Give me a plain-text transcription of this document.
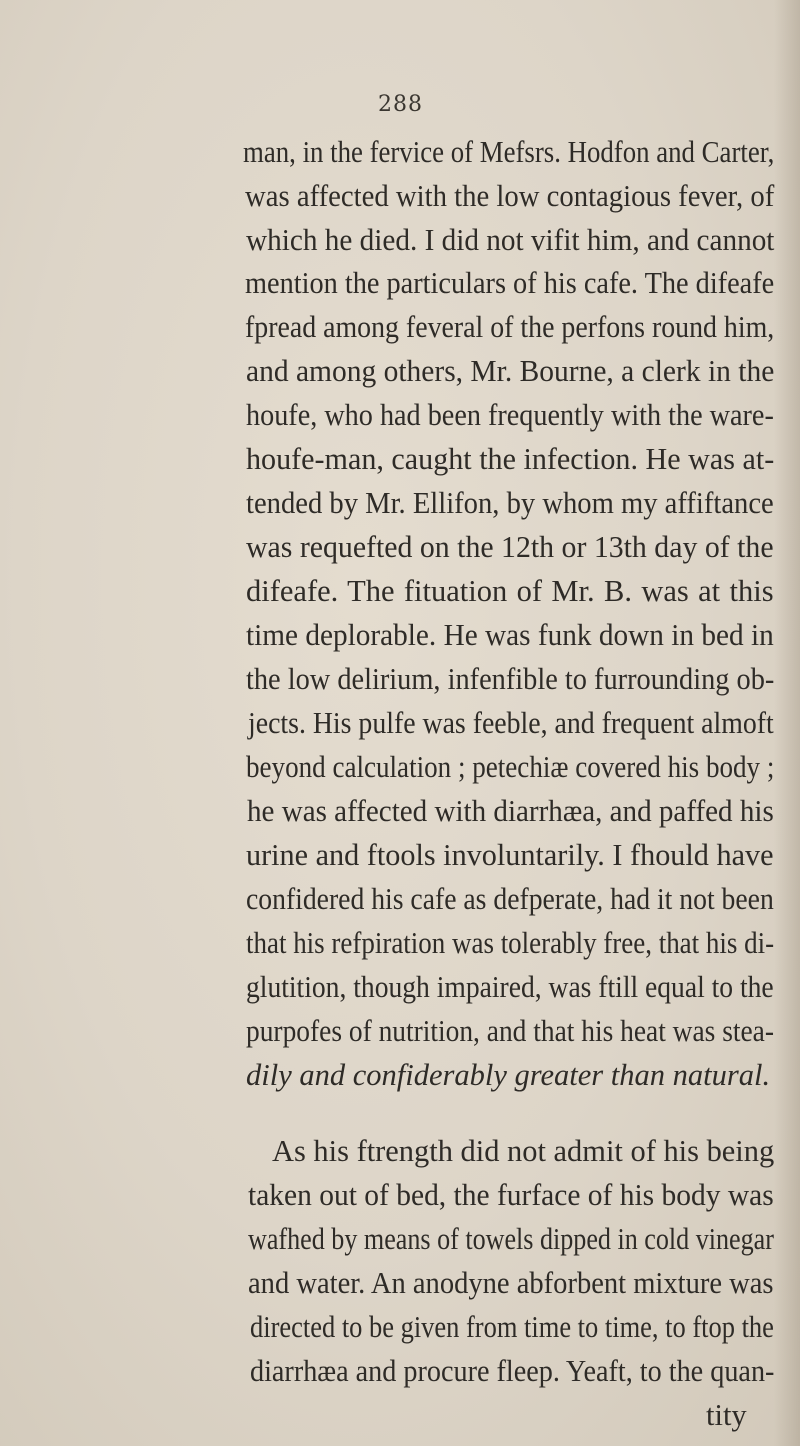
288

man, in the fervice of Mefsrs. Hodfon and Carter,

was affected with the low contagious fever, of

which he died. I did not vifit him, and cannot

mention the particulars of his cafe. The difeafe

fpread among feveral of the perfons round him,

and among others, Mr. Bourne, a clerk in the

houfe, who had been frequently with the ware-

houfe-man, caught the infection. He was at-

tended by Mr. Ellifon, by whom my affiftance

was requefted on the 12th or 13th day of the

difeafe. The fituation of Mr. B. was at this

time deplorable. He was funk down in bed in

the low delirium, infenfible to furrounding ob-

jects. His pulfe was feeble, and frequent almoft

beyond calculation ; petechiæ covered his body ;

he was affected with diarrhæa, and paffed his

urine and ftools involuntarily. I fhould have

confidered his cafe as defperate, had it not been

that his refpiration was tolerably free, that his di-

glutition, though impaired, was ftill equal to the

purpofes of nutrition, and that his heat was stea-

dily and confiderably greater than natural.

As his ftrength did not admit of his being

taken out of bed, the furface of his body was

wafhed by means of towels dipped in cold vinegar

and water. An anodyne abforbent mixture was

directed to be given from time to time, to ftop the

diarrhæa and procure fleep. Yeaft, to the quan-

tity
